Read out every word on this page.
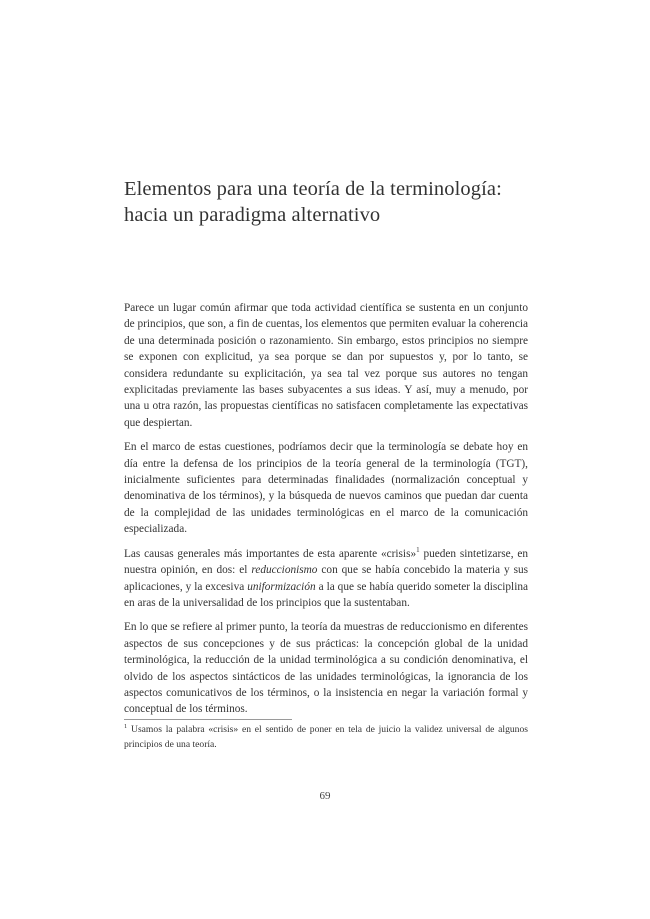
Elementos para una teoría de la terminología: hacia un paradigma alternativo

Parece un lugar común afirmar que toda actividad científica se sustenta en un conjunto de principios, que son, a fin de cuentas, los elementos que permiten evaluar la coherencia de una determinada posición o razonamiento. Sin embargo, estos principios no siempre se exponen con explicitud, ya sea porque se dan por supuestos y, por lo tanto, se considera redundante su explicitación, ya sea tal vez porque sus autores no tengan explicitadas previamente las bases subyacentes a sus ideas. Y así, muy a menudo, por una u otra razón, las propuestas científicas no satisfacen completamente las expectativas que despiertan.

En el marco de estas cuestiones, podríamos decir que la terminología se debate hoy en día entre la defensa de los principios de la teoría general de la terminología (TGT), inicialmente suficientes para determinadas finalidades (normalización conceptual y denominativa de los términos), y la búsqueda de nuevos caminos que puedan dar cuenta de la complejidad de las unidades terminológicas en el marco de la comunicación especializada.

Las causas generales más importantes de esta aparente «crisis»$^1$ pueden sintetizarse, en nuestra opinión, en dos: el reduccionismo con que se había concebido la materia y sus aplicaciones, y la excesiva uniformización a la que se había querido someter la disciplina en aras de la universalidad de los principios que la sustentaban.

En lo que se refiere al primer punto, la teoría da muestras de reduccionismo en diferentes aspectos de sus concepciones y de sus prácticas: la concepción global de la unidad terminológica, la reducción de la unidad terminológica a su condición denominativa, el olvido de los aspectos sintácticos de las unidades terminológicas, la ignorancia de los aspectos comunicativos de los términos, o la insistencia en negar la variación formal y conceptual de los términos.

$^1$ Usamos la palabra «crisis» en el sentido de poner en tela de juicio la validez universal de algunos principios de una teoría.
69
